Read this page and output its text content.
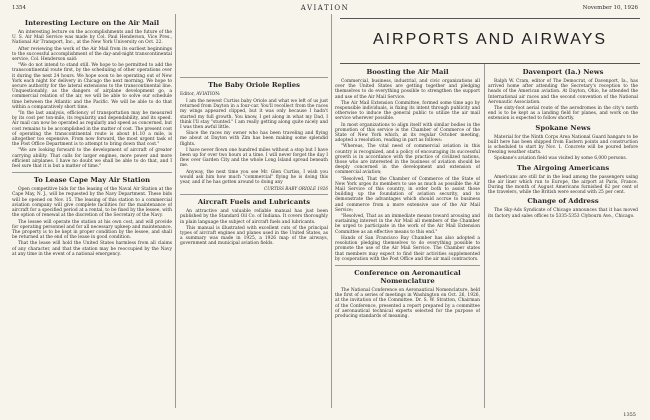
1354	AVIATION	November 10, 1926
Interesting Lecture on the Air Mail

An interesting lecture on the accomplishments and the future of the U. S. Air Mail Service was made by Col. Paul Henderson, Vice Pres., National Air Transport, Inc., at the New York University on Oct. 22.

After reviewing the work of the Air Mail from its earliest beginnings to the successful accomplishment of the day-and-night transcontinental service, Col. Henderson said:

"We do not intend to stand still. We hope to be permitted to add the transcontinental route first, by the scheduling of other operations over it during the next 24 hours. We hope soon to be operating out of New York each night for delivery in Chicago the next morning. We hope to secure authority for the lateral extensions to the transcontinental line. Unquestionably, as the dangers of airplane development go, a commercial relation of the air, we will be able to solve our schedule time between the Atlantic and the Pacific. We will be able to do that within a comparatively short time.

"In the last analysis, efficiency of transportation may be measured by its cost per ton-mile, its regularity and dependability, and its speed. Air mail can now be operated as regularly and speed as concerned, but cost remains to be accomplished in the matter of cost. The present cost of operating the transcontinental route is about $1.10 a mile, is altogether too expensive. From now forward, the most urgent task of the Post Office Department is to attempt to bring down that cost."

"We are looking forward to the development of aircraft of greater carrying ability. That calls for larger engines, more power and more efficient airplanes. I have no doubt we shall be able to do that, and I feel sure that it is but a matter of time."

To Lease Cape May Air Station

Open competitive bids for the leasing of the Naval Air Station at the Cape May, N. J., will be requested by the Navy Department. These bids will be opened on Nov. 15. The leasing of this station to a commercial aviation company will give complete facilities for the maintenance of aircraft for a specified period at a rental, to be fixed by the lessee, with the option of renewal at the discretion of the Secretary of the Navy.

The lessee will operate the station at his own cost, and will provide for operating personnel and for all necessary upkeep and maintenance. The property is to be kept in proper condition by the lessee, and shall be returned at the end of the lease in good condition.

That the lease will hold the United States harmless from all claims of any character, and that the station may be reoccupied by the Navy at any time in the event of a national emergency.

The Baby Oriole Replies
Editor, AVIATION:

I am the newest Curtiss baby Oriole and what we left of us just returned from Dayton in a four-car. You'll recollect from the races my wings appeared clipped, but it was only because I hadn't started my full growth. You know, I get along in what my Dad, I think I'll stay "stunted." I am really getting along quite nicely and I was then awful little.

Since the races my owner who has been traveling and flying me about at Dayton with Zim has been making some splendid flights.

I have never flown one hundred miles without a stop but I have been up for over two hours at a time. I will never forget the day I flew over Garden City and the whole Long Island spread beneath me.

Anyway, the next time you see Mr. Glen Curtiss, I wish you would ask him how much "commercial" flying he is doing this year, and if he has gotten around to doing any

CURTISS BABY ORIOLE 1926
Aircraft Fuels and Lubricants

An attractive and valuable reliable manual has just been published by the Standard Oil Co. of Indiana. It covers thoroughly in plain language the subject of aircraft fuels and lubricants.

This manual is illustrated with excellent cuts of the principal types of aircraft engines and planes used in the United States, as a summary was made in 1925, a 1926 map of the airways, government and municipal aviation fields.

AIRPORTS AND AIRWAYS
Boosting the Air Mail

Commercial, business, industrial, and civic organizations all over the United States are getting together and pledging themselves to do everything possible to strengthen the support and use of the Air Mail Service.

The Air Mail Extension Committee, formed some time ago by responsible individuals, is fixing its intent through publicity and otherwise to induce the general public to utilize the air mail service wherever possible.

In most organizations to align itself with similar bodies in the promotion of this service is the Chamber of Commerce of the State of New York which, at its regular October meeting, adopted a resolution, reading in part as follows:

"Whereas, The vital need of commercial aviation in this country is recognized, and a policy of encouraging its successful growth is in accordance with the practice of civilized nations, those who are interested in the business of aviation should be deeply concerned in the development and extension of commercial aviation;

"Resolved, That the Chamber of Commerce of the State of New York urges its members to use as much as possible the Air Mail Service of this country, in order both to assist those building up the foundation of aviation security, and to demonstrate the advantages which should accrue to business and commerce from a more extensive use of the Air Mail Service;

"Resolved, That as an immediate means toward arousing and sustaining interest in the Air Mail all members of the Chamber be urged to participate in the work of the Air Mail Extension Committee as an effective means to this end."

Hands of San Francisco Bay Chamber has also adopted a resolution pledging themselves to do everything possible to promote the use of the Air Mail Service. The Chamber states that members may expect to find their activities supplemented by cooperation with the Post Office and the air mail contractors.

Conference on Aeronautical Nomenclature

The National Conference on Aeronautical Nomenclature, held the first of a series of meetings in Washington on Oct. 26, 1926, at the invitation of the Committee. Dr. S. W. Stratton, Chairman of the Conference, presented a report prepared by a committee of aeronautical technical experts selected for the purpose of producing standards of meaning.

Davenport (Ia.) News

Ralph W. Cram, editor of The Democrat, of Davenport, Ia., has arrived home after attending the Secretary's reception to the heads of the American aviation. At Dayton, Ohio, he attended the International air races and the second convention of the National Aeronautic Association.

The sixty-foot aerial route of the aerodromes in the city's north end is to be kept as a landing field for planes, and work on the extension is expected to follow shortly.

Spokane News

Material for the Ninth Corps Area National Guard hangars to be built here has been shipped from Eastern points and construction is scheduled to start by Nov. 1. Concrete will be poured before freezing weather starts.

Spokane's aviation field was visited by some 6,000 persons.

The Airgoing Americans

Americans are still far in the lead among the passengers using the air liner which run to Europe, the airport at Paris, France. During the month of August Americans furnished 62 per cent of the travelers, while the British were second with 25 per cent.

Change of Address

The Sky-Ads Syndicate of Chicago announces that it has moved its factory and sales offices to 5335-5353 Clybourn Ave., Chicago.

1355
